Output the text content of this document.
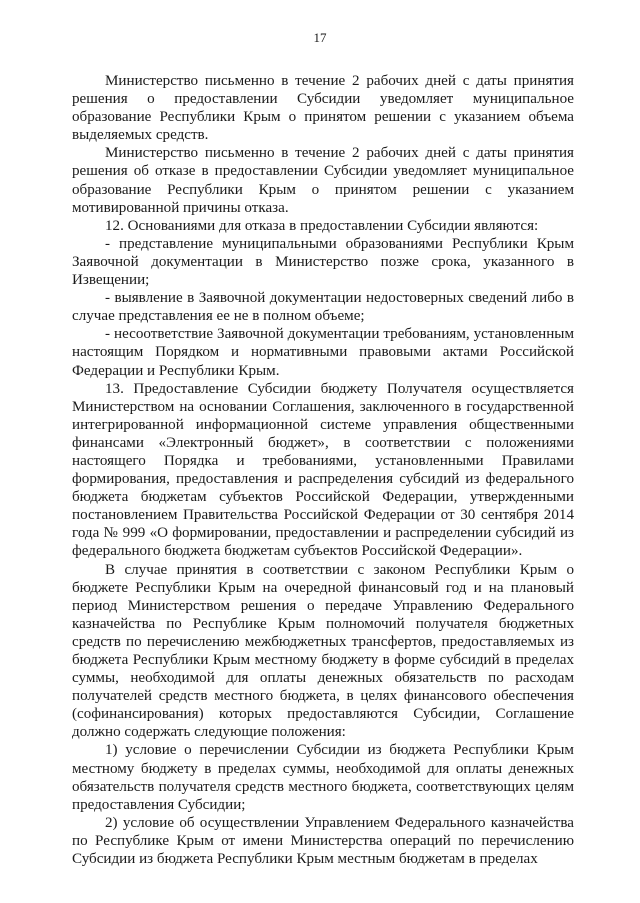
17

Министерство письменно в течение 2 рабочих дней с даты принятия решения о предоставлении Субсидии уведомляет муниципальное образование Республики Крым о принятом решении с указанием объема выделяемых средств.

Министерство письменно в течение 2 рабочих дней с даты принятия решения об отказе в предоставлении Субсидии уведомляет муниципальное образование Республики Крым о принятом решении с указанием мотивированной причины отказа.

12. Основаниями для отказа в предоставлении Субсидии являются:

- представление муниципальными образованиями Республики Крым Заявочной документации в Министерство позже срока, указанного в Извещении;

- выявление в Заявочной документации недостоверных сведений либо в случае представления ее не в полном объеме;

- несоответствие Заявочной документации требованиям, установленным настоящим Порядком и нормативными правовыми актами Российской Федерации и Республики Крым.

13. Предоставление Субсидии бюджету Получателя осуществляется Министерством на основании Соглашения, заключенного в государственной интегрированной информационной системе управления общественными финансами «Электронный бюджет», в соответствии с положениями настоящего Порядка и требованиями, установленными Правилами формирования, предоставления и распределения субсидий из федерального бюджета бюджетам субъектов Российской Федерации, утвержденными постановлением Правительства Российской Федерации от 30 сентября 2014 года № 999 «О формировании, предоставлении и распределении субсидий из федерального бюджета бюджетам субъектов Российской Федерации».

В случае принятия в соответствии с законом Республики Крым о бюджете Республики Крым на очередной финансовый год и на плановый период Министерством решения о передаче Управлению Федерального казначейства по Республике Крым полномочий получателя бюджетных средств по перечислению межбюджетных трансфертов, предоставляемых из бюджета Республики Крым местному бюджету в форме субсидий в пределах суммы, необходимой для оплаты денежных обязательств по расходам получателей средств местного бюджета, в целях финансового обеспечения (софинансирования) которых предоставляются Субсидии, Соглашение должно содержать следующие положения:

1) условие о перечислении Субсидии из бюджета Республики Крым местному бюджету в пределах суммы, необходимой для оплаты денежных обязательств получателя средств местного бюджета, соответствующих целям предоставления Субсидии;

2) условие об осуществлении Управлением Федерального казначейства по Республике Крым от имени Министерства операций по перечислению Субсидии из бюджета Республики Крым местным бюджетам в пределах
